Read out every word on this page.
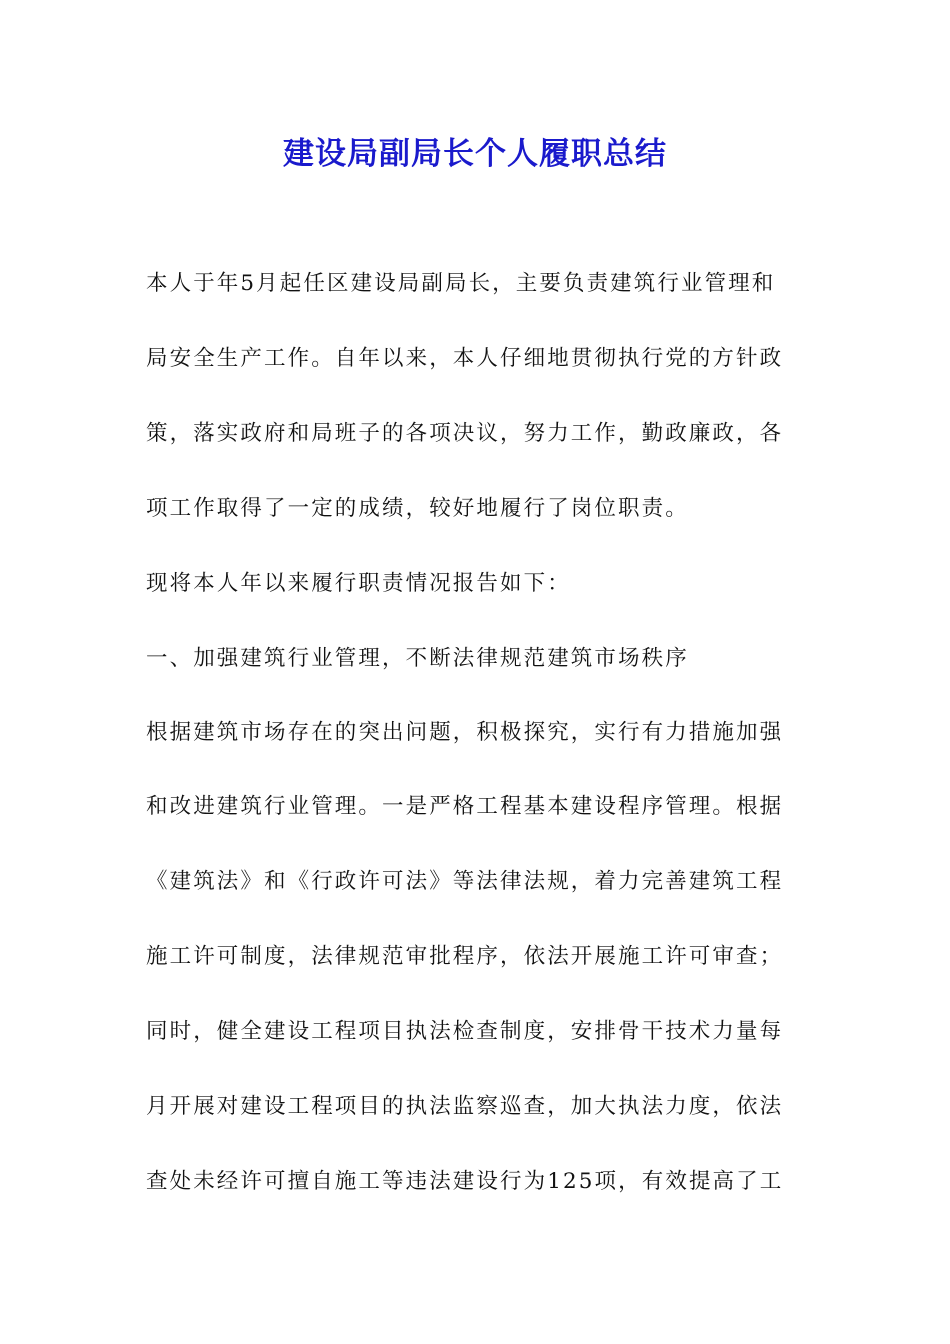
建设局副局长个人履职总结
本人于年5月起任区建设局副局长，主要负责建筑行业管理和
局安全生产工作。自年以来，本人仔细地贯彻执行党的方针政
策，落实政府和局班子的各项决议，努力工作，勤政廉政，各
项工作取得了一定的成绩，较好地履行了岗位职责。
现将本人年以来履行职责情况报告如下：
一、加强建筑行业管理，不断法律规范建筑市场秩序
根据建筑市场存在的突出问题，积极探究，实行有力措施加强
和改进建筑行业管理。一是严格工程基本建设程序管理。根据
《建筑法》和《行政许可法》等法律法规，着力完善建筑工程
施工许可制度，法律规范审批程序，依法开展施工许可审查；
同时，健全建设工程项目执法检查制度，安排骨干技术力量每
月开展对建设工程项目的执法监察巡查，加大执法力度，依法
查处未经许可擅自施工等违法建设行为125项，有效提高了工
